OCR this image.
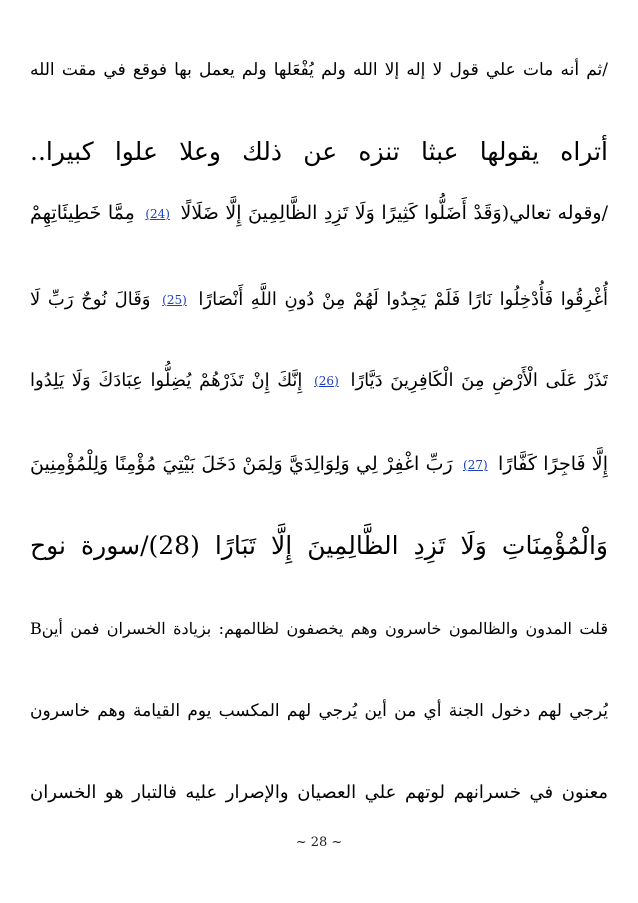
/ثم أنه مات علي قول لا إله إلا الله ولم يُفْعَلها ولم يعمل بها فوقع في مقت الله
أتراه يقولها عبثا تنزه عن ذلك وعلا علوا كبيرا..
/وقوله تعالي(وَقَدْ أَضَلُّوا كَثِيرًا وَلَا تَزِدِ الظَّالِمِينَ إِلَّا ضَلَالًا (24) مِمَّا خَطِيئَاتِهِمْ
أُغْرِقُوا فَأُدْخِلُوا نَارًا فَلَمْ يَجِدُوا لَهُمْ مِنْ دُونِ اللَّهِ أَنْصَارًا (25) وَقَالَ نُوحٌ رَبِّ لَا
تَذَرْ عَلَى الْأَرْضِ مِنَ الْكَافِرِينَ دَيَّارًا (26) إِنَّكَ إِنْ تَذَرْهُمْ يُضِلُّوا عِبَادَكَ وَلَا يَلِدُوا
إِلَّا فَاجِرًا كَفَّارًا (27) رَبِّ اغْفِرْ لِي وَلِوَالِدَيَّ وَلِمَنْ دَخَلَ بَيْتِيَ مُؤْمِنًا وَلِلْمُؤْمِنِينَ
وَالْمُؤْمِنَاتِ وَلَا تَزِدِ الظَّالِمِينَ إِلَّا تَبَارًا (28)/سورة نوح
Bقلت المدون والظالمون خاسرون وهم يخصفون لظالمهم: بزيادة الخسران فمن أين
يُرجي لهم دخول الجنة أي من أين يُرجي لهم المكسب يوم القيامة وهم خاسرون
معنون في خسرانهم لوتهم علي العصيان والإصرار عليه فالتبار هو الخسران
~ 28 ~
